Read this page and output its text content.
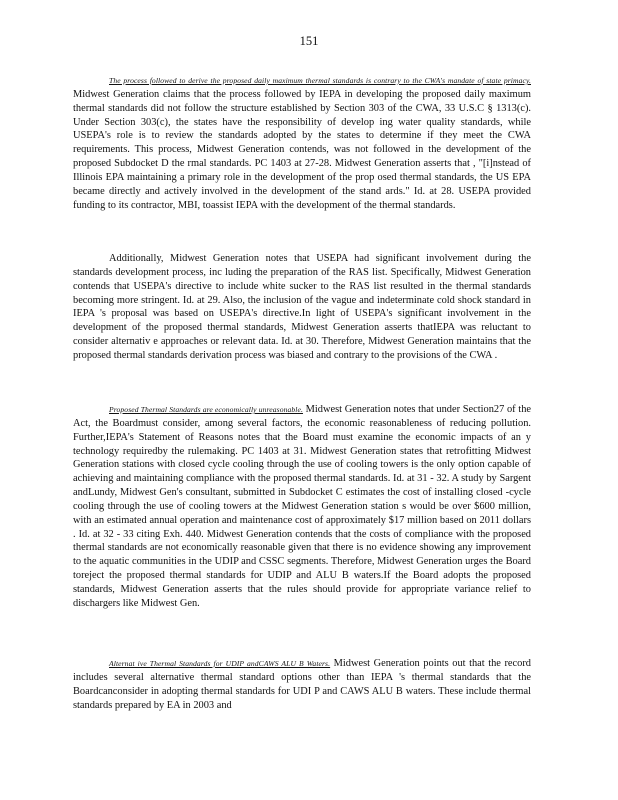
151

The process followed to derive the proposed daily maximum thermal standards is contrary to the CWA's mandate of state primacy. Midwest Generation claims that the process followed by IEPA in developing the proposed daily maximum thermal standards did not follow the structure established by Section 303 of the CWA, 33 U.S.C § 1313(c). Under Section 303(c), the states have the responsibility of develop ing water quality standards, while USEPA's role is to review the standards adopted by the states to determine if they meet the CWA requirements. This process, Midwest Generation contends, was not followed in the development of the proposed Subdocket D the rmal standards. PC 1403 at 27-28. Midwest Generation asserts that , "[i]nstead of Illinois EPA maintaining a primary role in the development of the prop osed thermal standards, the US EPA became directly and actively involved in the development of the stand ards." Id. at 28. USEPA provided funding to its contractor, MBI, toassist IEPA with the development of the thermal standards.

Additionally, Midwest Generation notes that USEPA had significant involvement during the standards development process, inc luding the preparation of the RAS list. Specifically, Midwest Generation contends that USEPA's directive to include white sucker to the RAS list resulted in the thermal standards becoming more stringent. Id. at 29. Also, the inclusion of the vague and indeterminate cold shock standard in IEPA 's proposal was based on USEPA's directive.In light of USEPA's significant involvement in the development of the proposed thermal standards, Midwest Generation asserts thatIEPA was reluctant to consider alternativ e approaches or relevant data. Id. at 30. Therefore, Midwest Generation maintains that the proposed thermal standards derivation process was biased and contrary to the provisions of the CWA .

Proposed Thermal Standards are economically unreasonable. Midwest Generation notes that under Section27 of the Act, the Boardmust consider, among several factors, the economic reasonableness of reducing pollution. Further,IEPA's Statement of Reasons notes that the Board must examine the economic impacts of an y technology requiredby the rulemaking. PC 1403 at 31. Midwest Generation states that retrofitting Midwest Generation stations with closed cycle cooling through the use of cooling towers is the only option capable of achieving and maintaining compliance with the proposed thermal standards. Id. at 31 - 32. A study by Sargent andLundy, Midwest Gen's consultant, submitted in Subdocket C estimates the cost of installing closed -cycle cooling through the use of cooling towers at the Midwest Generation station s would be over $600 million, with an estimated annual operation and maintenance cost of approximately $17 million based on 2011 dollars . Id. at 32 - 33 citing Exh. 440. Midwest Generation contends that the costs of compliance with the proposed thermal standards are not economically reasonable given that there is no evidence showing any improvement to the aquatic communities in the UDIP and CSSC segments. Therefore, Midwest Generation urges the Board toreject the proposed thermal standards for UDIP and ALU B waters.If the Board adopts the proposed standards, Midwest Generation asserts that the rules should provide for appropriate variance relief to dischargers like Midwest Gen.

Alternat ive Thermal Standards for UDIP andCAWS ALU B Waters. Midwest Generation points out that the record includes several alternative thermal standard options other than IEPA 's thermal standards that the Boardcanconsider in adopting thermal standards for UDI P and CAWS ALU B waters. These include thermal standards prepared by EA in 2003 and
